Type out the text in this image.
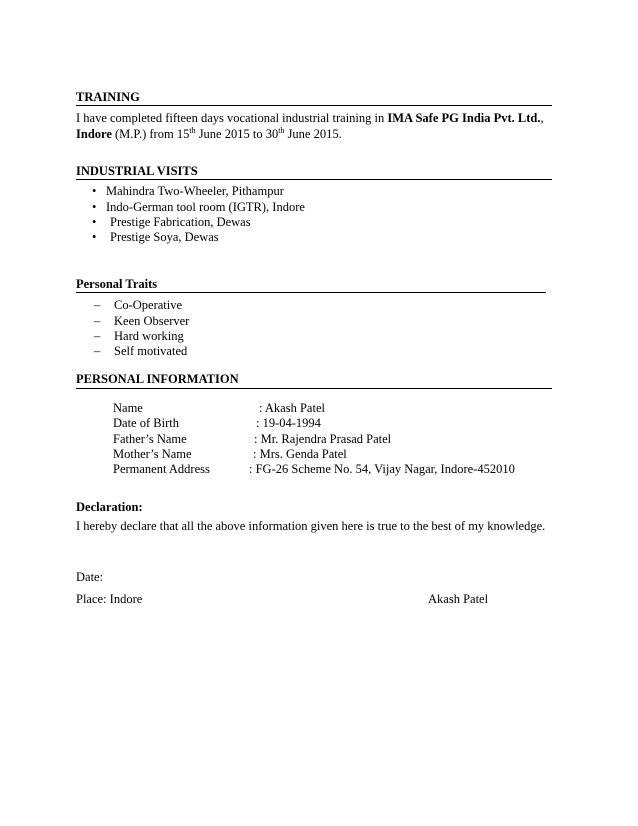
TRAINING
I have completed fifteen days vocational industrial training in IMA Safe PG India Pvt. Ltd.,
Indore (M.P.) from 15th June 2015 to 30th June 2015.
INDUSTRIAL VISITS
• Mahindra Two-Wheeler, Pithampur
• Indo-German tool room (IGTR), Indore
• Prestige Fabrication, Dewas
• Prestige Soya, Dewas
Personal Traits
– Co-Operative
– Keen Observer
– Hard working
– Self motivated
PERSONAL INFORMATION
Name	: Akash Patel
Date of Birth	: 19-04-1994
Father’s Name	: Mr. Rajendra Prasad Patel
Mother’s Name	: Mrs. Genda Patel
Permanent Address	: FG-26 Scheme No. 54, Vijay Nagar, Indore-452010
Declaration:
I hereby declare that all the above information given here is true to the best of my knowledge.
Date:
Place: Indore	Akash Patel
